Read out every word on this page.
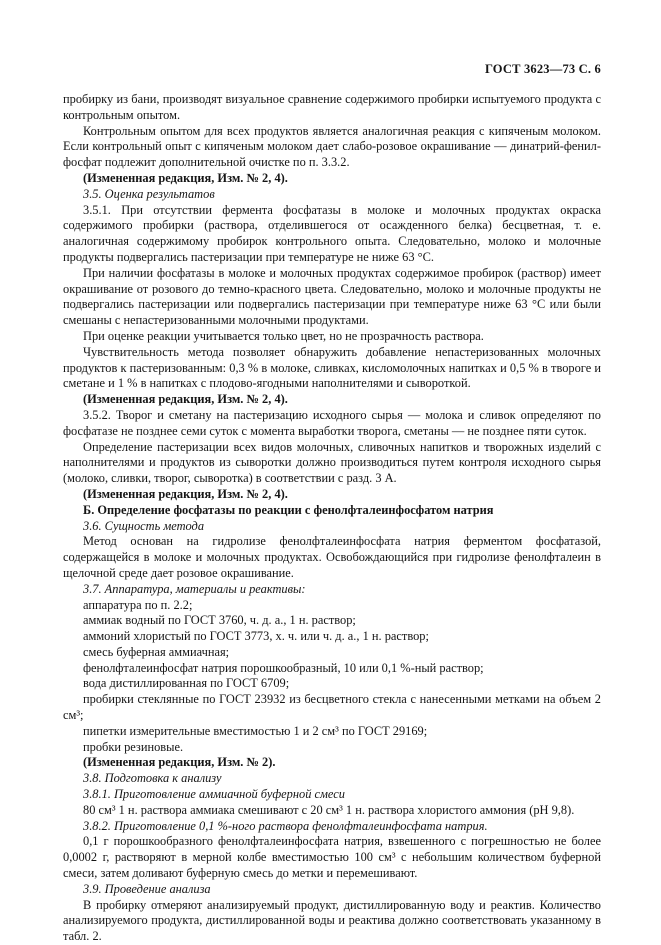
ГОСТ 3623—73 С. 6

пробирку из бани, производят визуальное сравнение содержимого пробирки испытуемого продукта с контрольным опытом.

Контрольным опытом для всех продуктов является аналогичная реакция с кипяченым молоком. Если контрольный опыт с кипяченым молоком дает слабо-розовое окрашивание — динатрий-фенил-фосфат подлежит дополнительной очистке по п. 3.3.2.

(Измененная редакция, Изм. № 2, 4).

3.5. Оценка результатов

3.5.1. При отсутствии фермента фосфатазы в молоке и молочных продуктах окраска содержимого пробирки (раствора, отделившегося от осажденного белка) бесцветная, т. е. аналогичная содержимому пробирок контрольного опыта. Следовательно, молоко и молочные продукты подвергались пастеризации при температуре не ниже 63 °С.

При наличии фосфатазы в молоке и молочных продуктах содержимое пробирок (раствор) имеет окрашивание от розового до темно-красного цвета. Следовательно, молоко и молочные продукты не подвергались пастеризации или подвергались пастеризации при температуре ниже 63 °С или были смешаны с непастеризованными молочными продуктами.

При оценке реакции учитывается только цвет, но не прозрачность раствора.

Чувствительность метода позволяет обнаружить добавление непастеризованных молочных продуктов к пастеризованным: 0,3 % в молоке, сливках, кисломолочных напитках и 0,5 % в твороге и сметане и 1 % в напитках с плодово-ягодными наполнителями и сывороткой.

(Измененная редакция, Изм. № 2, 4).

3.5.2. Творог и сметану на пастеризацию исходного сырья — молока и сливок определяют по фосфатазе не позднее семи суток с момента выработки творога, сметаны — не позднее пяти суток.

Определение пастеризации всех видов молочных, сливочных напитков и творожных изделий с наполнителями и продуктов из сыворотки должно производиться путем контроля исходного сырья (молоко, сливки, творог, сыворотка) в соответствии с разд. 3 А.

(Измененная редакция, Изм. № 2, 4).

Б. Определение фосфатазы по реакции с фенолфталеинфосфатом натрия

3.6. Сущность метода

Метод основан на гидролизе фенолфталеинфосфата натрия ферментом фосфатазой, содержащейся в молоке и молочных продуктах. Освобождающийся при гидролизе фенолфталеин в щелочной среде дает розовое окрашивание.

3.7. Аппаратура, материалы и реактивы:

аппаратура по п. 2.2;

аммиак водный по ГОСТ 3760, ч. д. а., 1 н. раствор;

аммоний хлористый по ГОСТ 3773, х. ч. или ч. д. а., 1 н. раствор;

смесь буферная аммиачная;

фенолфталеинфосфат натрия порошкообразный, 10 или 0,1 %-ный раствор;

вода дистиллированная по ГОСТ 6709;

пробирки стеклянные по ГОСТ 23932 из бесцветного стекла с нанесенными метками на объем 2 см³;

пипетки измерительные вместимостью 1 и 2 см³ по ГОСТ 29169;

пробки резиновые.

(Измененная редакция, Изм. № 2).

3.8. Подготовка к анализу

3.8.1. Приготовление аммиачной буферной смеси

80 см³ 1 н. раствора аммиака смешивают с 20 см³ 1 н. раствора хлористого аммония (рН 9,8).

3.8.2. Приготовление 0,1 %-ного раствора фенолфталеинфосфата натрия.

0,1 г порошкообразного фенолфталеинфосфата натрия, взвешенного с погрешностью не более 0,0002 г, растворяют в мерной колбе вместимостью 100 см³ с небольшим количеством буферной смеси, затем доливают буферную смесь до метки и перемешивают.

3.9. Проведение анализа

В пробирку отмеряют анализируемый продукт, дистиллированную воду и реактив. Количество анализируемого продукта, дистиллированной воды и реактива должно соответствовать указанному в табл. 2.
